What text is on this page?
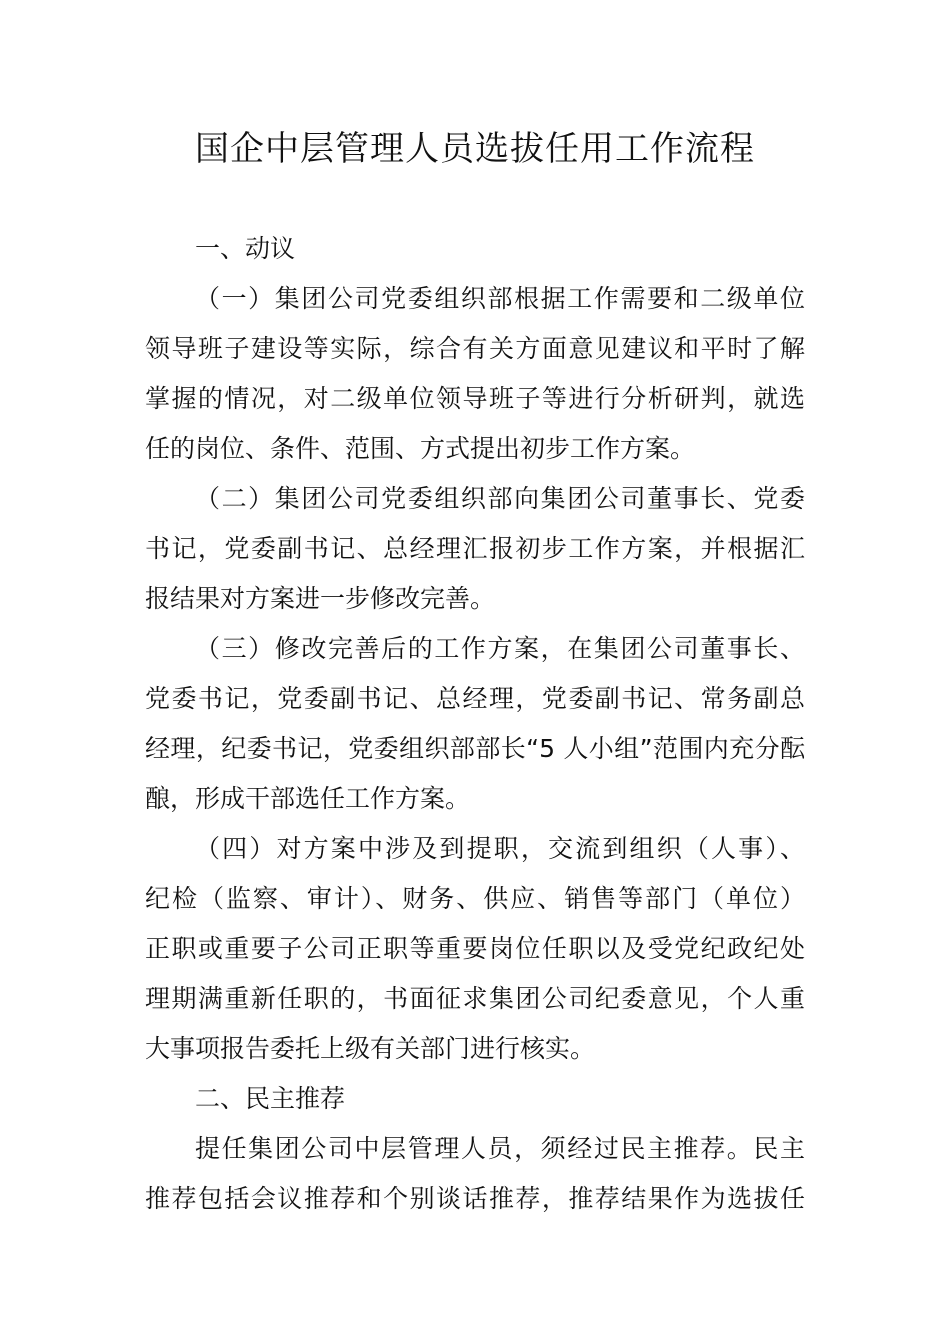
国企中层管理人员选拔任用工作流程
一、动议
（一）集团公司党委组织部根据工作需要和二级单位
领导班子建设等实际，综合有关方面意见建议和平时了解
掌握的情况，对二级单位领导班子等进行分析研判，就选
任的岗位、条件、范围、方式提出初步工作方案。
（二）集团公司党委组织部向集团公司董事长、党委
书记，党委副书记、总经理汇报初步工作方案，并根据汇
报结果对方案进一步修改完善。
（三）修改完善后的工作方案，在集团公司董事长、
党委书记，党委副书记、总经理，党委副书记、常务副总
经理，纪委书记，党委组织部部长“5 人小组”范围内充分酝
酿，形成干部选任工作方案。
（四）对方案中涉及到提职，交流到组织（人事）、
纪检（监察、审计）、财务、供应、销售等部门（单位）
正职或重要子公司正职等重要岗位任职以及受党纪政纪处
理期满重新任职的，书面征求集团公司纪委意见，个人重
大事项报告委托上级有关部门进行核实。
二、民主推荐
提任集团公司中层管理人员，须经过民主推荐。民主
推荐包括会议推荐和个别谈话推荐，推荐结果作为选拔任
